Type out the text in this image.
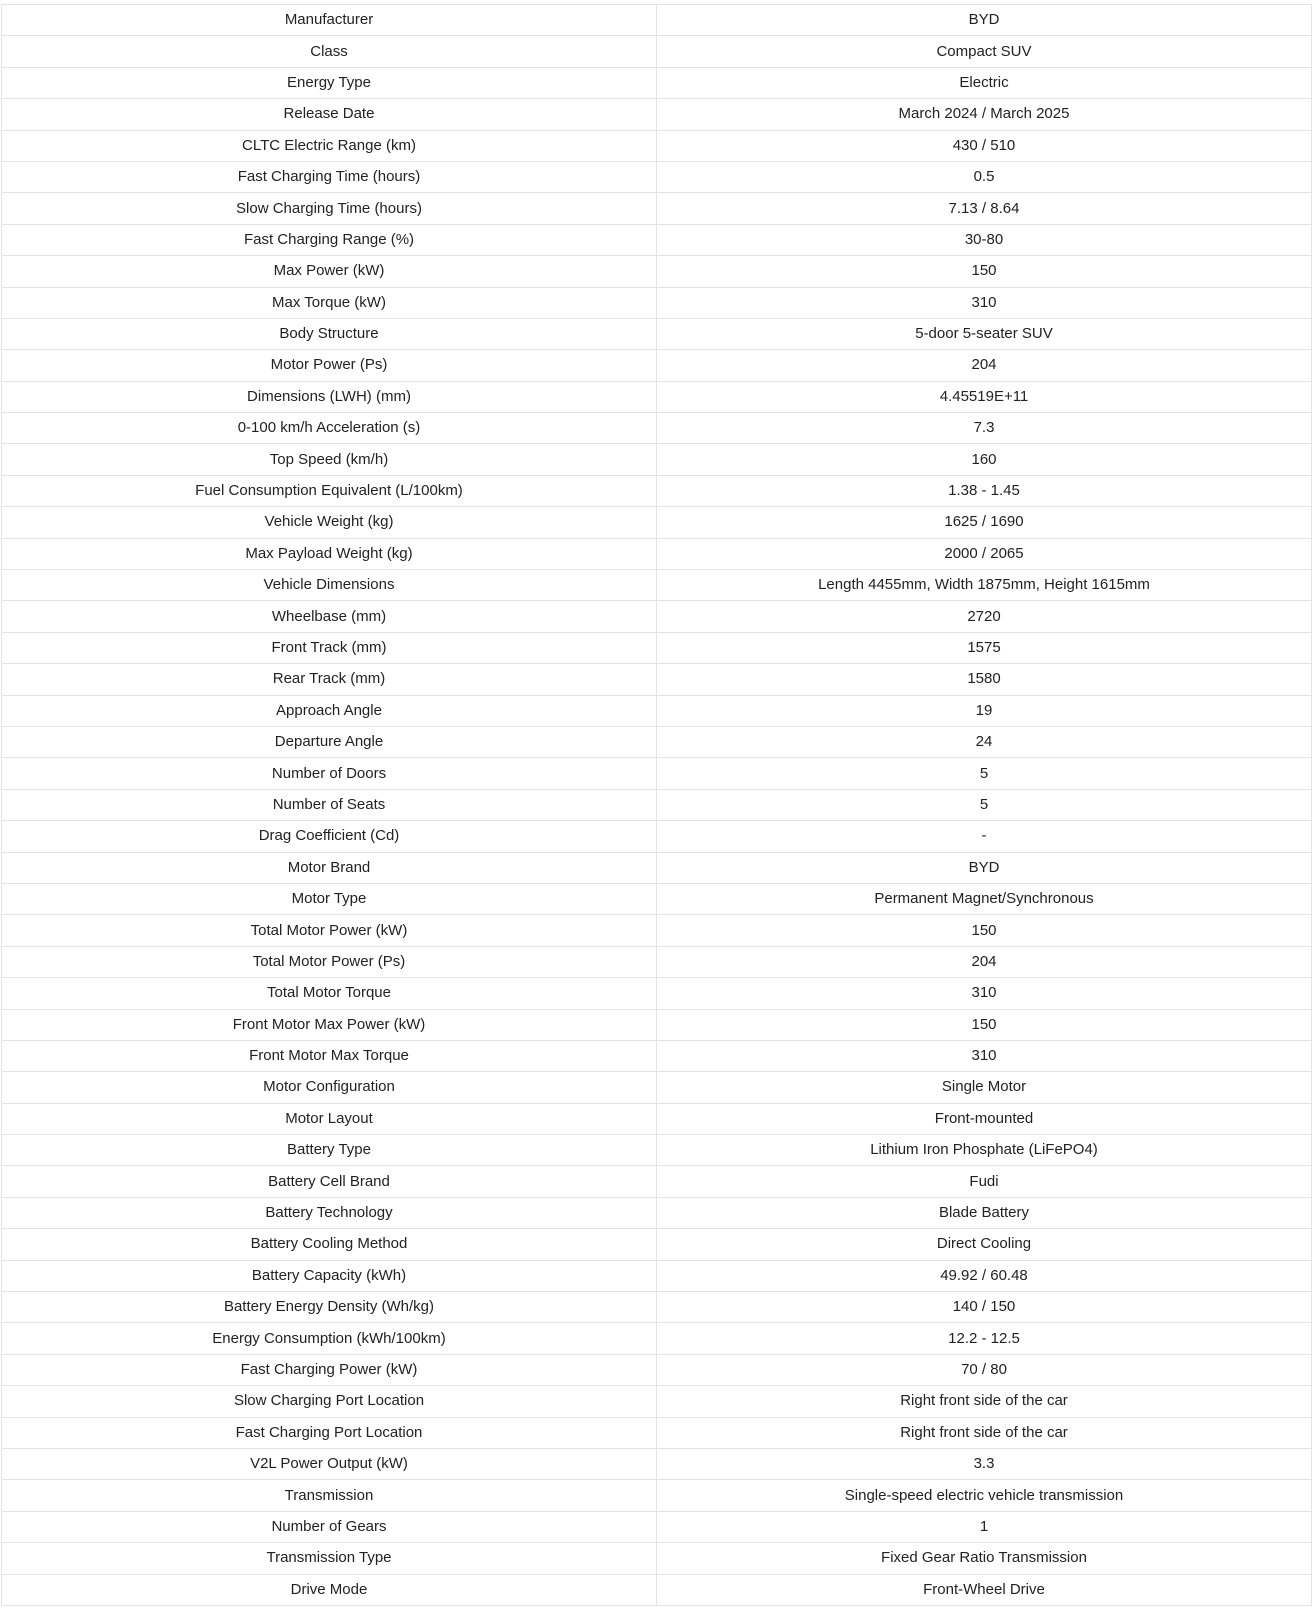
Manufacturer	BYD
Class	Compact SUV
Energy Type	Electric
Release Date	March 2024 / March 2025
CLTC Electric Range (km)	430 / 510
Fast Charging Time (hours)	0.5
Slow Charging Time (hours)	7.13 / 8.64
Fast Charging Range (%)	30-80
Max Power (kW)	150
Max Torque (kW)	310
Body Structure	5-door 5-seater SUV
Motor Power (Ps)	204
Dimensions (LWH) (mm)	4.45519E+11
0-100 km/h Acceleration (s)	7.3
Top Speed (km/h)	160
Fuel Consumption Equivalent (L/100km)	1.38 - 1.45
Vehicle Weight (kg)	1625 / 1690
Max Payload Weight (kg)	2000 / 2065
Vehicle Dimensions	Length 4455mm, Width 1875mm, Height 1615mm
Wheelbase (mm)	2720
Front Track (mm)	1575
Rear Track (mm)	1580
Approach Angle	19
Departure Angle	24
Number of Doors	5
Number of Seats	5
Drag Coefficient (Cd)	-
Motor Brand	BYD
Motor Type	Permanent Magnet/Synchronous
Total Motor Power (kW)	150
Total Motor Power (Ps)	204
Total Motor Torque	310
Front Motor Max Power (kW)	150
Front Motor Max Torque	310
Motor Configuration	Single Motor
Motor Layout	Front-mounted
Battery Type	Lithium Iron Phosphate (LiFePO4)
Battery Cell Brand	Fudi
Battery Technology	Blade Battery
Battery Cooling Method	Direct Cooling
Battery Capacity (kWh)	49.92 / 60.48
Battery Energy Density (Wh/kg)	140 / 150
Energy Consumption (kWh/100km)	12.2 - 12.5
Fast Charging Power (kW)	70 / 80
Slow Charging Port Location	Right front side of the car
Fast Charging Port Location	Right front side of the car
V2L Power Output (kW)	3.3
Transmission	Single-speed electric vehicle transmission
Number of Gears	1
Transmission Type	Fixed Gear Ratio Transmission
Drive Mode	Front-Wheel Drive
